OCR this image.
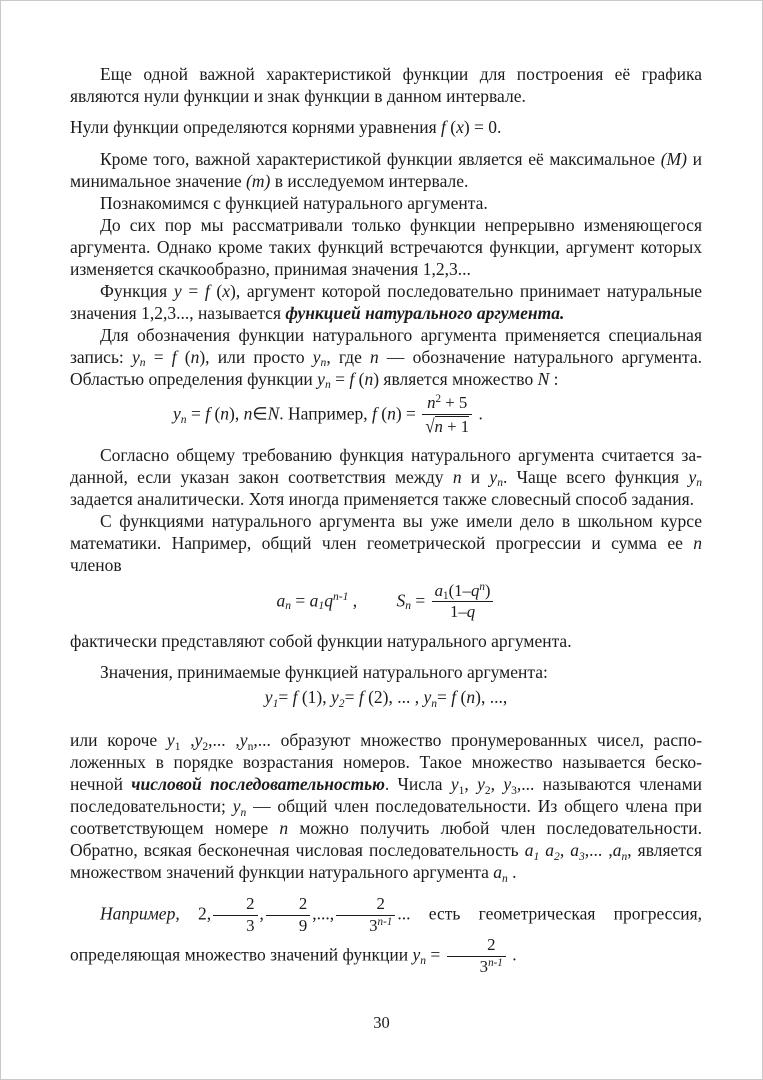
Еще одной важной характеристикой функции для построения её графика являются нули функции и знак функции в данном интервале.

Нули функции определяются корнями уравнения f (x) = 0.

Кроме того, важной характеристикой функции является её максимальное (М) и минимальное значение (m) в исследуемом интервале.

Познакомимся с функцией натурального аргумента.

До сих пор мы рассматривали только функции непрерывно изменяющегося аргумента. Однако кроме таких функций встречаются функции, аргумент которых изменяется скачкообразно, принимая значения 1,2,3...

Функция y = f (x), аргумент которой последовательно принимает натуральные значения 1,2,3..., называется функцией натурального аргумента.

Для обозначения функции натурального аргумента применяется специальная запись: yn = f (n), или просто yn, где n — обозначение натурального аргумента. Областью определения функции yn = f (n) является множество N :

yn = f (n), n∈N. Например, f $(n) = \frac{n^2 + 5}{√n + 1}$ .

Согласно общему требованию функция натурального аргумента считается заданной, если указан закон соответствия между n и yn. Чаще всего функция yn задается аналитически. Хотя иногда применяется также словесный способ задания.

С функциями натурального аргумента вы уже имели дело в школьном курсе математики. Например, общий член геометрической прогрессии и сумма ее n членов

an = $a1q^{n-1}$ , $Sn = \frac{a1(1-q^n)}{1-q}$

фактически представляют собой функции натурального аргумента.

Значения, принимаемые функцией натурального аргумента:

y1= f (1), y2= f (2), ... , yn= f (n), ...,

или короче y1 ,y2,... ,yn,... образуют множество пронумерованных чисел, расположенных в порядке возрастания номеров. Такое множество называется бесконечной числовой последовательностью. Числа y1, y2, y3,... называются членами последовательности; yn — общий член последовательности. Из общего члена при соответствующем номере n можно получить любой член последовательности. Обратно, всякая бесконечная числовая последовательность a1 a2, a3,... ,an, является множеством значений функции натурального аргумента an .

Например, 2, $\frac{2}{3}$ , $\frac{2}{9}$ ,..., $\frac{2}{3^{n-1}}$ ... есть геометрическая прогрессия, определяющая множество значений функции yn = $\frac{2}{3^{n-1}}$ .

30
